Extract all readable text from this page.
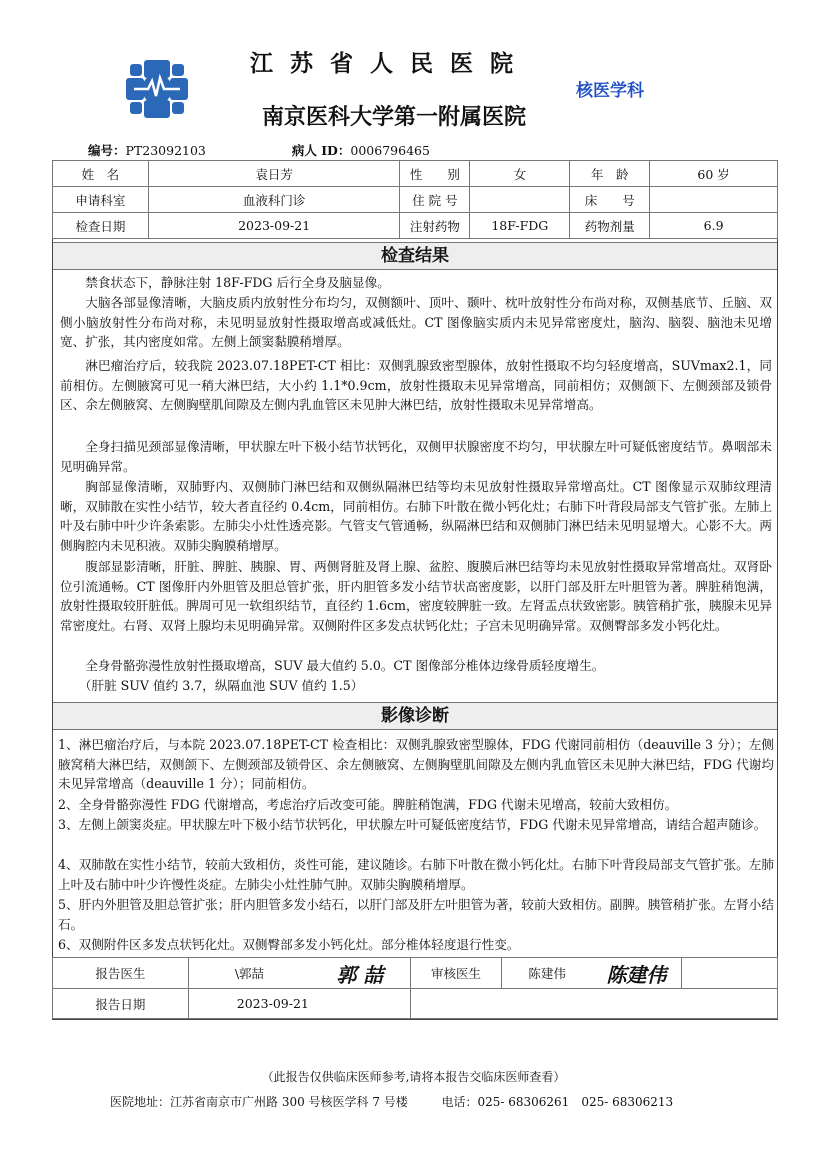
江苏省人民医院
核医学科
南京医科大学第一附属医院
编号：PT23092103	病人 ID：0006796465
姓　名	袁日芳	性　　别	女	年　龄	60 岁
申请科室	血液科门诊	住 院 号		床　　号	
检查日期	2023-09-21	注射药物	18F-FDG	药物剂量	6.9
检查结果

禁食状态下，静脉注射 18F-FDG 后行全身及脑显像。

大脑各部显像清晰，大脑皮质内放射性分布均匀，双侧额叶、顶叶、颞叶、枕叶放射性分布尚对称，双侧基底节、丘脑、双侧小脑放射性分布尚对称，未见明显放射性摄取增高或减低灶。CT 图像脑实质内未见异常密度灶，脑沟、脑裂、脑池未见增宽、扩张，其内密度如常。左侧上颌窦黏膜稍增厚。

淋巴瘤治疗后，较我院 2023.07.18PET-CT 相比：双侧乳腺致密型腺体，放射性摄取不均匀轻度增高，SUVmax2.1，同前相仿。左侧腋窝可见一稍大淋巴结，大小约 1.1*0.9cm，放射性摄取未见异常增高，同前相仿；双侧颌下、左侧颈部及锁骨区、余左侧腋窝、左侧胸壁肌间隙及左侧内乳血管区未见肿大淋巴结，放射性摄取未见异常增高。

全身扫描见颈部显像清晰，甲状腺左叶下极小结节状钙化，双侧甲状腺密度不均匀，甲状腺左叶可疑低密度结节。鼻咽部未见明确异常。

胸部显像清晰，双肺野内、双侧肺门淋巴结和双侧纵隔淋巴结等均未见放射性摄取异常增高灶。CT 图像显示双肺纹理清晰，双肺散在实性小结节，较大者直径约 0.4cm，同前相仿。右肺下叶散在微小钙化灶；右肺下叶背段局部支气管扩张。左肺上叶及右肺中叶少许条索影。左肺尖小灶性透亮影。气管支气管通畅，纵隔淋巴结和双侧肺门淋巴结未见明显增大。心影不大。两侧胸腔内未见积液。双肺尖胸膜稍增厚。

腹部显影清晰，肝脏、脾脏、胰腺、胃、两侧肾脏及肾上腺、盆腔、腹膜后淋巴结等均未见放射性摄取异常增高灶。双肾卧位引流通畅。CT 图像肝内外胆管及胆总管扩张，肝内胆管多发小结节状高密度影，以肝门部及肝左叶胆管为著。脾脏稍饱满，放射性摄取较肝脏低。脾周可见一软组织结节，直径约 1.6cm，密度较脾脏一致。左肾盂点状致密影。胰管稍扩张，胰腺未见异常密度灶。右肾、双肾上腺均未见明确异常。双侧附件区多发点状钙化灶；子宫未见明确异常。双侧臀部多发小钙化灶。

全身骨骼弥漫性放射性摄取增高，SUV 最大值约 5.0。CT 图像部分椎体边缘骨质轻度增生。

（肝脏 SUV 值约 3.7，纵隔血池 SUV 值约 1.5）

影像诊断

1、淋巴瘤治疗后，与本院 2023.07.18PET-CT 检查相比：双侧乳腺致密型腺体，FDG 代谢同前相仿（deauville 3 分）；左侧腋窝稍大淋巴结，双侧颌下、左侧颈部及锁骨区、余左侧腋窝、左侧胸壁肌间隙及左侧内乳血管区未见肿大淋巴结，FDG 代谢均未见异常增高（deauville 1 分）；同前相仿。

2、全身骨骼弥漫性 FDG 代谢增高，考虑治疗后改变可能。脾脏稍饱满，FDG 代谢未见增高，较前大致相仿。

3、左侧上颌窦炎症。甲状腺左叶下极小结节状钙化，甲状腺左叶可疑低密度结节，FDG 代谢未见异常增高，请结合超声随诊。

4、双肺散在实性小结节，较前大致相仿，炎性可能，建议随诊。右肺下叶散在微小钙化灶。右肺下叶背段局部支气管扩张。左肺上叶及右肺中叶少许慢性炎症。左肺尖小灶性肺气肿。双肺尖胸膜稍增厚。

5、肝内外胆管及胆总管扩张；肝内胆管多发小结石，以肝门部及肝左叶胆管为著，较前大致相仿。副脾。胰管稍扩张。左肾小结石。

6、双侧附件区多发点状钙化灶。双侧臀部多发小钙化灶。部分椎体轻度退行性变。

报告医生	\郭喆	郭 喆	审核医生	陈建伟	陈建伟	
报告日期	2023-09-21					
（此报告仅供临床医师参考,请将本报告交临床医师查看）
医院地址：江苏省南京市广州路 300 号核医学科 7 号楼	电话：025- 68306261　025- 68306213
